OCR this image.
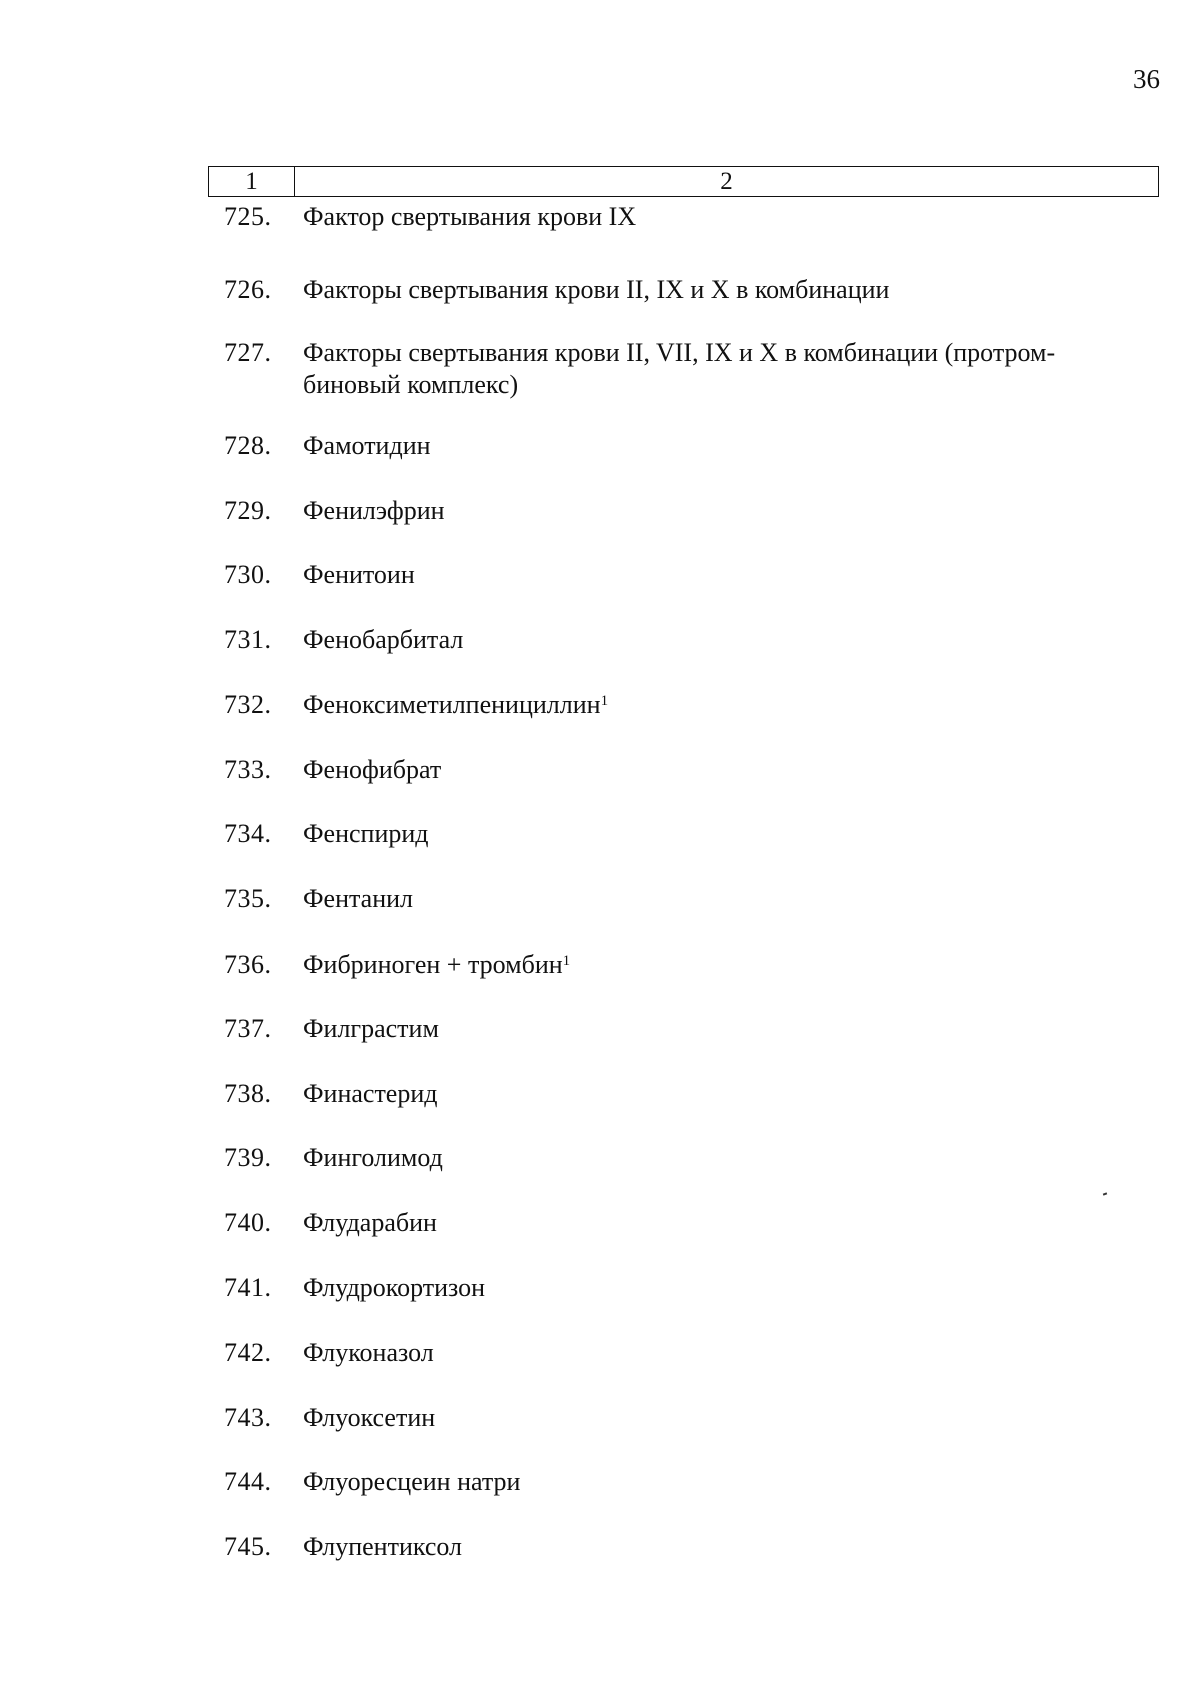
36
1	2
725.	Фактор свертывания крови IX
726.	Факторы свертывания крови II, IX и X в комбинации
727.	Факторы свертывания крови II, VII, IX и X в комбинации (протром-
биновый комплекс)
728.	Фамотидин
729.	Фенилэфрин
730.	Фенитоин
731.	Фенобарбитал
732.	Феноксиметилпенициллин$^1$
733.	Фенофибрат
734.	Фенспирид
735.	Фентанил
736.	Фибриноген + тромбин$^1$
737.	Филграстим
738.	Финастерид
739.	Финголимод
740.	Флударабин
741.	Флудрокортизон
742.	Флуконазол
743.	Флуоксетин
744.	Флуоресцеин натри
745.	Флупентиксол
